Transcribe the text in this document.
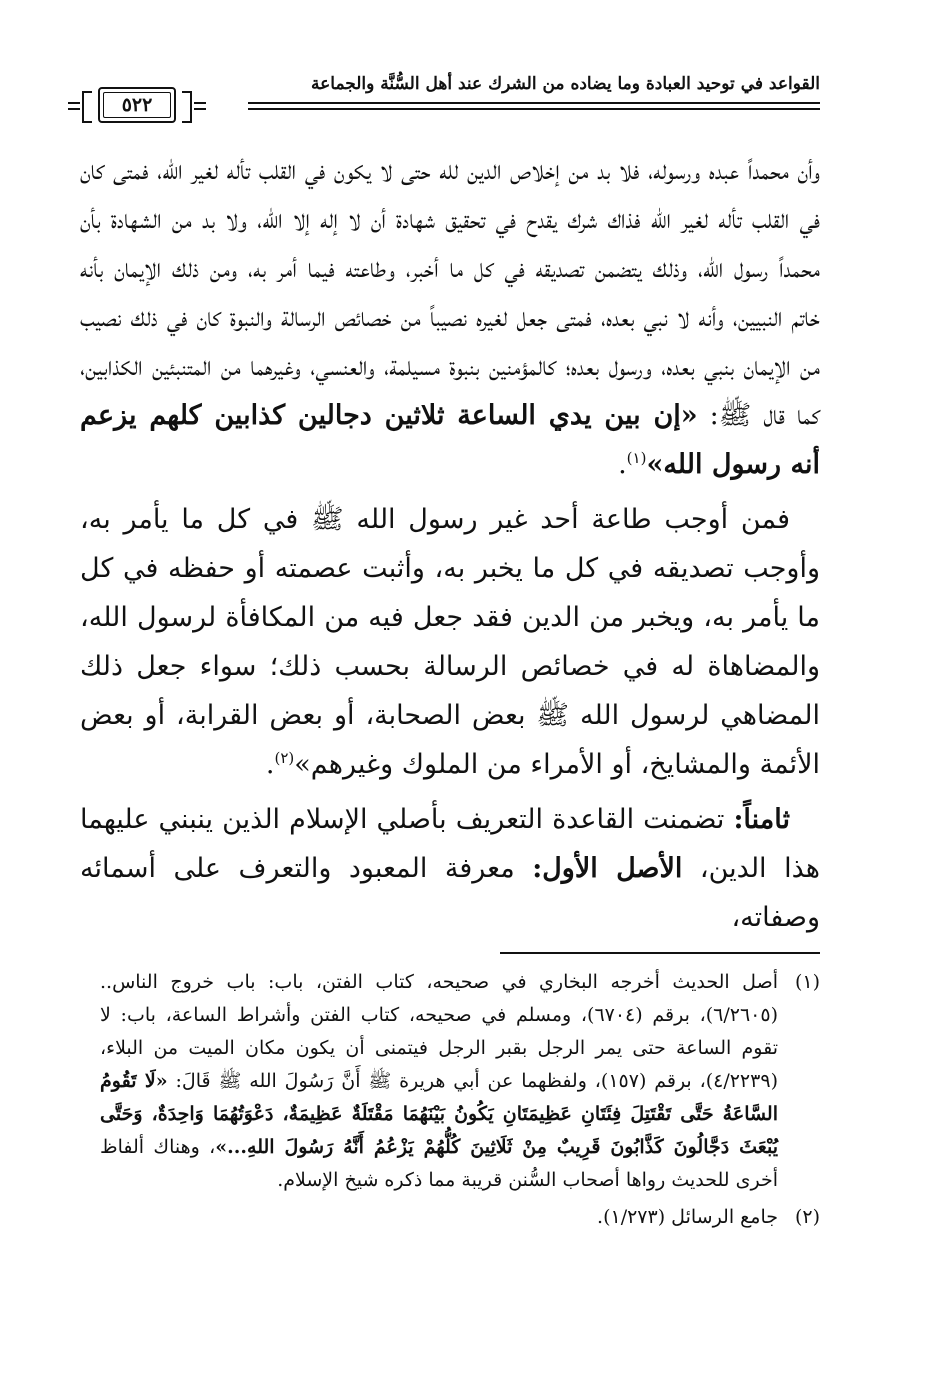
القواعد في توحيد العبادة وما يضاده من الشرك عند أهل السُّنَّة والجماعة
٥٢٢

وأن محمداً عبده ورسوله، فلا بد من إخلاص الدين لله حتى لا يكون في القلب تأله لغير الله، فمتى كان في القلب تأله لغير الله فذاك شرك يقدح في تحقيق شهادة أن لا إله إلا الله، ولا بد من الشهادة بأن محمداً رسول الله، وذلك يتضمن تصديقه في كل ما أخبر، وطاعته فيما أمر به، ومن ذلك الإيمان بأنه خاتم النبيين، وأنه لا نبي بعده، فمتى جعل لغيره نصيباً من خصائص الرسالة والنبوة كان في ذلك نصيب من الإيمان بنبي بعده، ورسول بعده؛ كالمؤمنين بنبوة مسيلمة، والعنسي، وغيرهما من المتنبئين الكذابين، كما قال ﷺ: «إن بين يدي الساعة ثلاثين دجالين كذابين كلهم يزعم أنه رسول الله»$^{(١)}$.

فمن أوجب طاعة أحد غير رسول الله ﷺ في كل ما يأمر به، وأوجب تصديقه في كل ما يخبر به، وأثبت عصمته أو حفظه في كل ما يأمر به، ويخبر من الدين فقد جعل فيه من المكافأة لرسول الله، والمضاهاة له في خصائص الرسالة بحسب ذلك؛ سواء جعل ذلك المضاهي لرسول الله ﷺ بعض الصحابة، أو بعض القرابة، أو بعض الأئمة والمشايخ، أو الأمراء من الملوك وغيرهم»$^{(٢)}$.

ثامناً: تضمنت القاعدة التعريف بأصلي الإسلام الذين ينبني عليهما هذا الدين، الأصل الأول: معرفة المعبود والتعرف على أسمائه وصفاته،

(١)
أصل الحديث أخرجه البخاري في صحيحه، كتاب الفتن، باب: باب خروج الناس.. (٦/٢٦٠٥)، برقم (٦٧٠٤)، ومسلم في صحيحه، كتاب الفتن وأشراط الساعة، باب: لا تقوم الساعة حتى يمر الرجل بقبر الرجل فيتمنى أن يكون مكان الميت من البلاء، (٤/٢٢٣٩)، برقم (١٥٧)، ولفظهما عن أبي هريرة ﷺ أَنَّ رَسُولَ الله ﷺ قَالَ: «لَا تَقُومُ السَّاعَةُ حَتَّى تَقْتَتِلَ فِئَتَانِ عَظِيمَتَانِ يَكُونُ بَيْنَهُمَا مَقْتَلَةٌ عَظِيمَةٌ، دَعْوَتُهُمَا وَاحِدَةٌ، وَحَتَّى يُبْعَثَ دَجَّالُونَ كَذَّابُونَ قَرِيبٌ مِنْ ثَلَاثِينَ كُلُّهُمْ يَزْعُمُ أَنَّهُ رَسُولَ اللهِ...»، وهناك ألفاظ أخرى للحديث رواها أصحاب السُّنن قريبة مما ذكره شيخ الإسلام.
(٢)
جامع الرسائل (١/٢٧٣).
